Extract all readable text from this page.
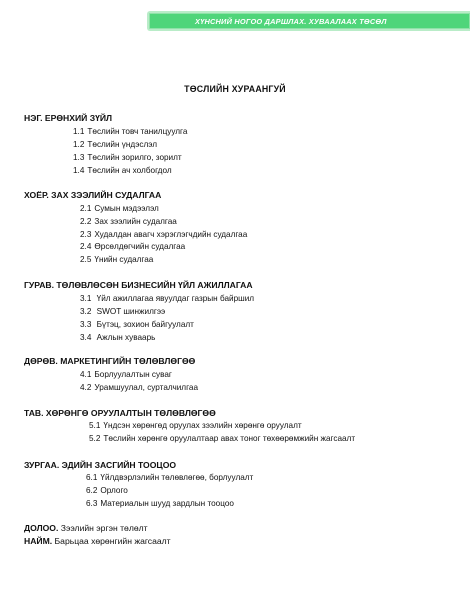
ХҮНСНИЙ НОГОО ДАРШЛАХ. ХУВААЛААХ ТӨСӨЛ
ТӨСЛИЙН ХУРААНГУЙ
НЭГ. ЕРӨНХИЙ ЗҮЙЛ
1.1 Төслийн товч танилцуулга
1.2 Төслийн үндэслэл
1.3 Төслийн зорилго, зорилт
1.4 Төслийн ач холбогдол
ХОЁР. ЗАХ ЗЭЭЛИЙН СУДАЛГАА
2.1 Сумын мэдээлэл
2.2 Зах зээлийн судалгаа
2.3 Худалдан авагч хэрэглэгчдийн судалгаа
2.4 Өрсөлдөгчийн судалгаа
2.5 Үнийн судалгаа
ГУРАВ. ТӨЛӨВЛӨСӨН БИЗНЕСИЙН ҮЙЛ АЖИЛЛАГАА
3.1 Үйл ажиллагаа явуулдаг газрын байршил
3.2 SWOT шинжилгээ
3.3 Бүтэц, зохион байгуулалт
3.4 Ажлын хуваарь
ДӨРӨВ. МАРКЕТИНГИЙН ТӨЛӨВЛӨГӨӨ
4.1 Борлуулалтын суваг
4.2 Урамшуулал, сурталчилгаа
ТАВ. ХӨРӨНГӨ ОРУУЛАЛТЫН ТӨЛӨВЛӨГӨӨ
5.1 Үндсэн хөрөнгөд оруулах зээлийн хөрөнгө оруулалт
5.2 Төслийн хөрөнгө оруулалтаар авах тоног төхөөрөмжийн жагсаалт
ЗУРГАА. ЭДИЙН ЗАСГИЙН ТООЦОО
6.1 Үйлдвэрлэлийн төлөвлөгөө, борлуулалт
6.2 Орлого
6.3 Материалын шууд зардлын тооцоо
ДОЛОО. Зээлийн эргэн төлөлт
НАЙМ. Барьцаа хөрөнгийн жагсаалт
